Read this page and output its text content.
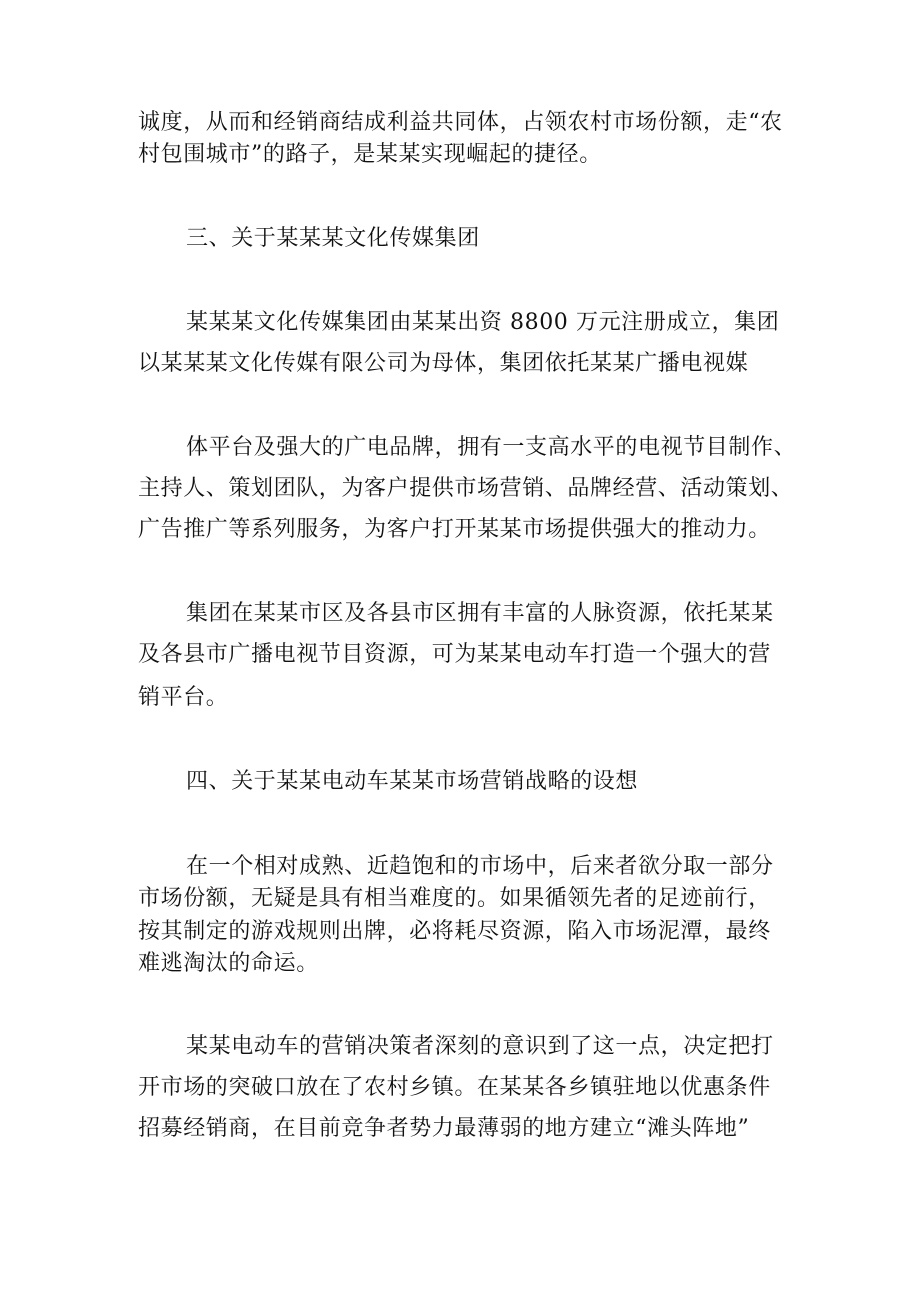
诚度，从而和经销商结成利益共同体，占领农村市场份额，走“农
村包围城市”的路子，是某某实现崛起的捷径。
三、关于某某某文化传媒集团
某某某文化传媒集团由某某出资 8800 万元注册成立，集团
以某某某文化传媒有限公司为母体，集团依托某某广播电视媒
体平台及强大的广电品牌，拥有一支高水平的电视节目制作、
主持人、策划团队，为客户提供市场营销、品牌经营、活动策划、
广告推广等系列服务，为客户打开某某市场提供强大的推动力。
集团在某某市区及各县市区拥有丰富的人脉资源，依托某某
及各县市广播电视节目资源，可为某某电动车打造一个强大的营
销平台。
四、关于某某电动车某某市场营销战略的设想
在一个相对成熟、近趋饱和的市场中，后来者欲分取一部分
市场份额，无疑是具有相当难度的。如果循领先者的足迹前行，
按其制定的游戏规则出牌，必将耗尽资源，陷入市场泥潭，最终
难逃淘汰的命运。
某某电动车的营销决策者深刻的意识到了这一点，决定把打
开市场的突破口放在了农村乡镇。在某某各乡镇驻地以优惠条件
招募经销商，在目前竞争者势力最薄弱的地方建立“滩头阵地”
